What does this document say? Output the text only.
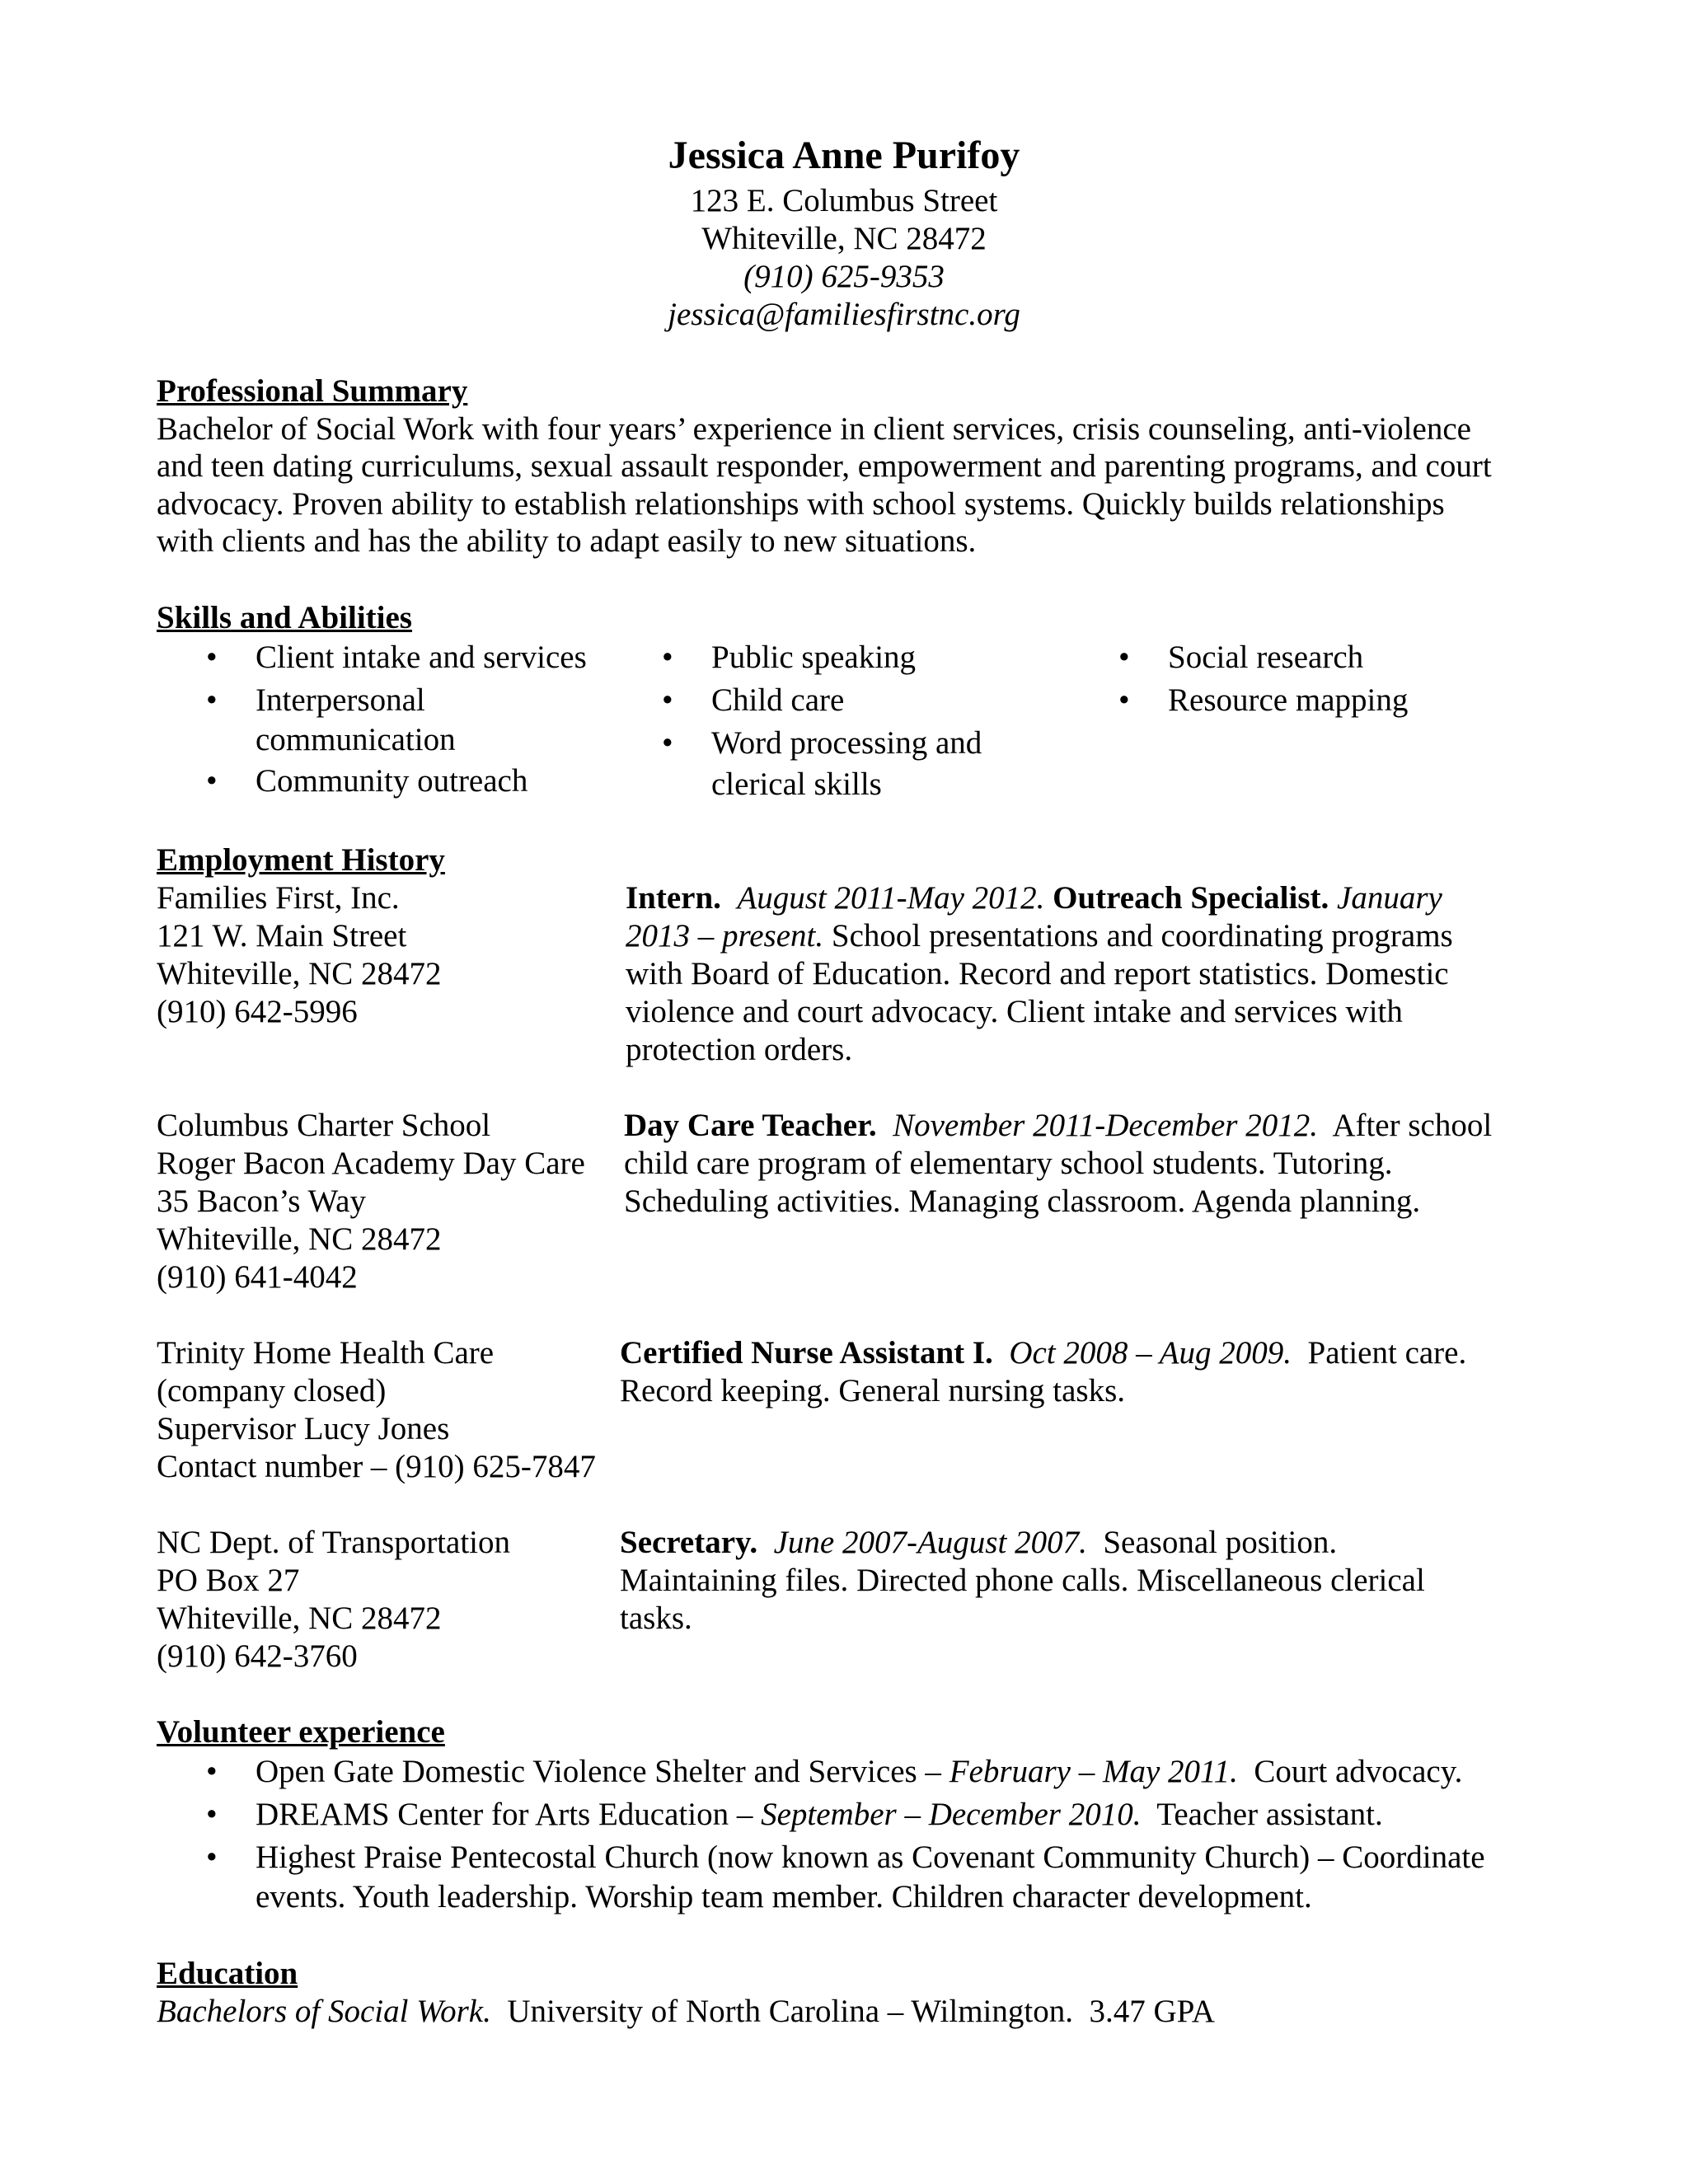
Jessica Anne Purifoy
123 E. Columbus Street
Whiteville, NC 28472
(910) 625-9353
jessica@familiesfirstnc.org
Professional Summary
Bachelor of Social Work with four years’ experience in client services, crisis counseling, anti-violence
and teen dating curriculums, sexual assault responder, empowerment and parenting programs, and court
advocacy. Proven ability to establish relationships with school systems. Quickly builds relationships
with clients and has the ability to adapt easily to new situations.
Skills and Abilities
• Client intake and services
• Interpersonal
communication
• Community outreach
• Public speaking
• Child care
• Word processing and
clerical skills
• Social research
• Resource mapping
Employment History
Families First, Inc.
121 W. Main Street
Whiteville, NC 28472
(910) 642-5996
Intern. August 2011-May 2012. Outreach Specialist. January
2013 – present. School presentations and coordinating programs
with Board of Education. Record and report statistics. Domestic
violence and court advocacy. Client intake and services with
protection orders.
Columbus Charter School
Roger Bacon Academy Day Care
35 Bacon’s Way
Whiteville, NC 28472
(910) 641-4042
Day Care Teacher. November 2011-December 2012. After school
child care program of elementary school students. Tutoring.
Scheduling activities. Managing classroom. Agenda planning.
Trinity Home Health Care
(company closed)
Supervisor Lucy Jones
Contact number – (910) 625-7847
Certified Nurse Assistant I. Oct 2008 – Aug 2009. Patient care.
Record keeping. General nursing tasks.
NC Dept. of Transportation
PO Box 27
Whiteville, NC 28472
(910) 642-3760
Secretary. June 2007-August 2007. Seasonal position.
Maintaining files. Directed phone calls. Miscellaneous clerical
tasks.
Volunteer experience
• Open Gate Domestic Violence Shelter and Services – February – May 2011.  Court advocacy.
• DREAMS Center for Arts Education – September – December 2010.  Teacher assistant.
• Highest Praise Pentecostal Church (now known as Covenant Community Church) – Coordinate
events. Youth leadership. Worship team member. Children character development.
Education
Bachelors of Social Work.  University of North Carolina – Wilmington.  3.47 GPA
